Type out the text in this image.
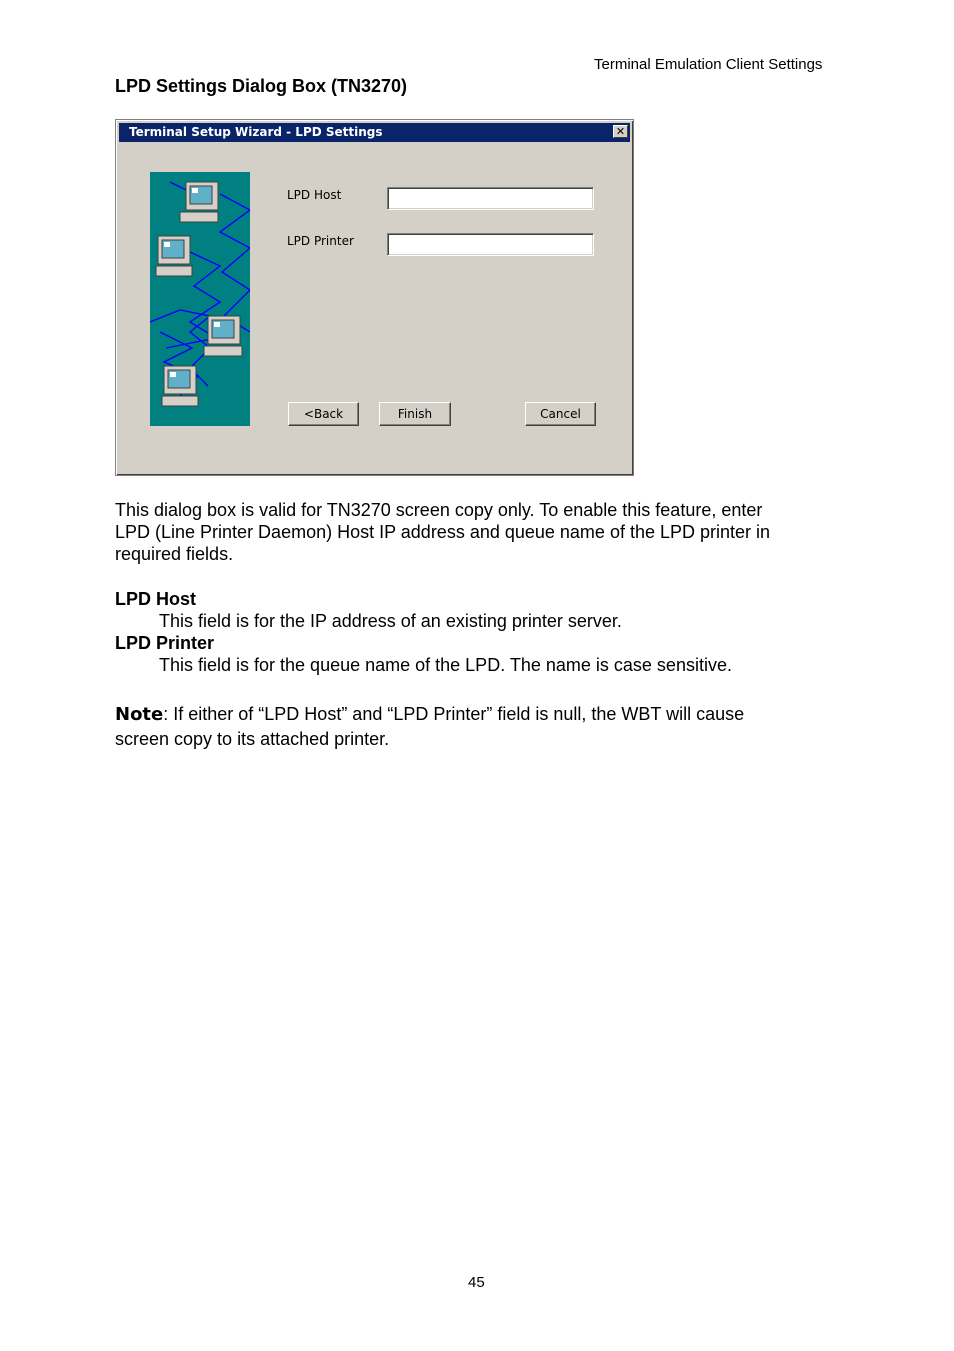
Terminal Emulation Client Settings
LPD Settings Dialog Box (TN3270)
Terminal Setup Wizard - LPD Settings	✕
LPD Host
LPD Printer
<Back	Finish	Cancel
This dialog box is valid for TN3270 screen copy only. To enable this feature, enter
LPD (Line Printer Daemon) Host IP address and queue name of the LPD printer in
required fields.
LPD Host
This field is for the IP address of an existing printer server.
LPD Printer
This field is for the queue name of the LPD. The name is case sensitive.
Note: If either of “LPD Host” and “LPD Printer” field is null, the WBT will cause
screen copy to its attached printer.
45
